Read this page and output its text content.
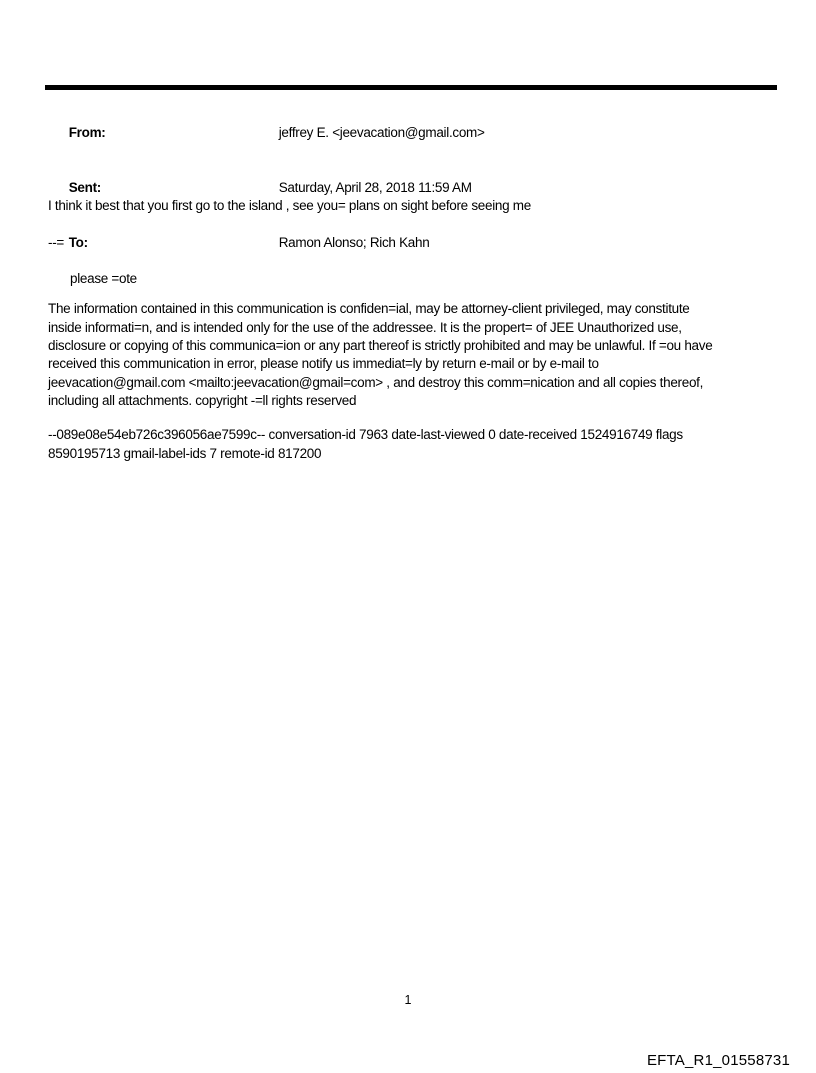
From:	jeffrey E. <jeevacation@gmail.com>

Sent:	Saturday, April 28, 2018 11:59 AM

To:	Ramon Alonso; Rich Kahn

I think it best that you first go to the island , see you= plans on sight before seeing me
--=
please =ote
The information contained in this communication is confiden=ial, may be attorney-client privileged, may constitute
inside informati=n, and is intended only for the use of the addressee. It is the propert= of JEE Unauthorized use,
disclosure or copying of this communica=ion or any part thereof is strictly prohibited and may be unlawful. If =ou have
received this communication in error, please notify us immediat=ly by return e-mail or by e-mail to
jeevacation@gmail.com <mailto:jeevacation@gmail=com> , and destroy this comm=nication and all copies thereof,
including all attachments. copyright -=ll rights reserved
--089e08e54eb726c396056ae7599c-- conversation-id 7963 date-last-viewed 0 date-received 1524916749 flags
8590195713 gmail-label-ids 7 remote-id 817200
1
EFTA_R1_01558731
